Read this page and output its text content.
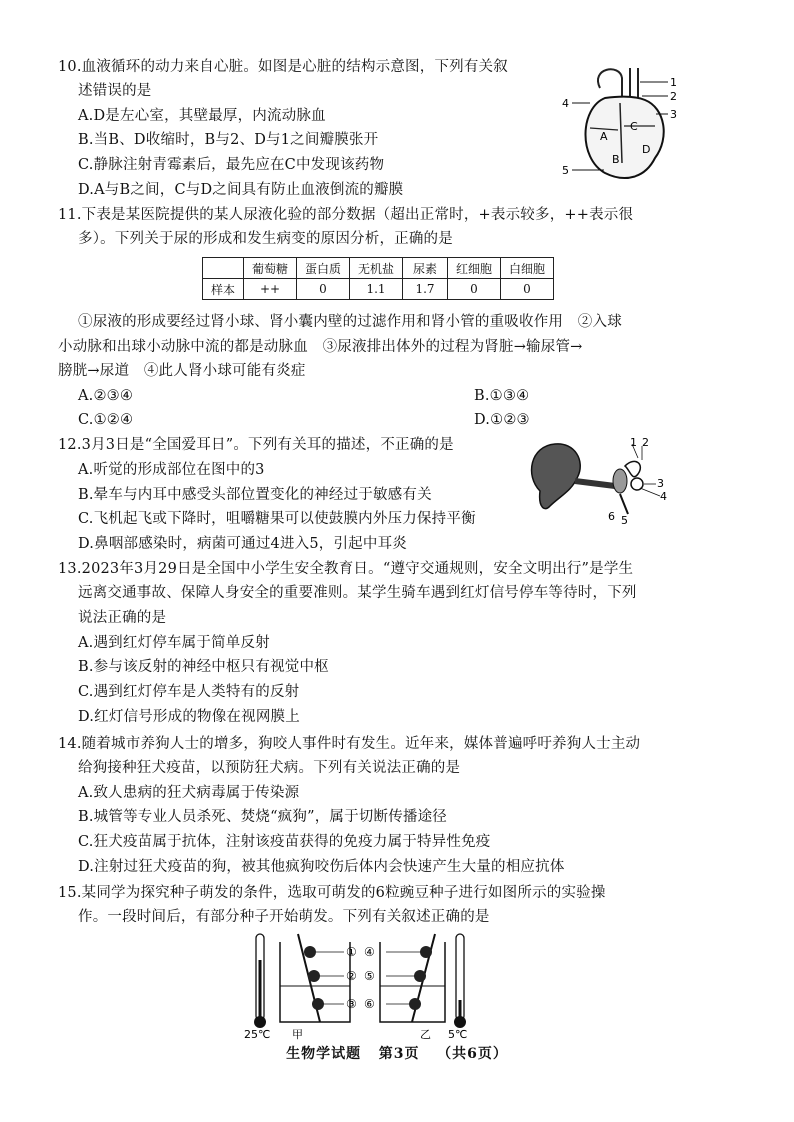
10.血液循环的动力来自心脏。如图是心脏的结构示意图，下列有关叙
述错误的是
A.D是左心室，其壁最厚，内流动脉血
B.当B、D收缩时，B与2、D与1之间瓣膜张开
C.静脉注射青霉素后，最先应在C中发现该药物
D.A与B之间，C与D之间具有防止血液倒流的瓣膜
1
2
3
4
5
A
B
C
D
11.下表是某医院提供的某人尿液化验的部分数据（超出正常时，+表示较多，++表示很
多）。下列关于尿的形成和发生病变的原因分析，正确的是
	葡萄糖	蛋白质	无机盐	尿素	红细胞	白细胞
样本	++	0	1.1	1.7	0	0
①尿液的形成要经过肾小球、肾小囊内壁的过滤作用和肾小管的重吸收作用　②入球
小动脉和出球小动脉中流的都是动脉血　③尿液排出体外的过程为肾脏→输尿管→
膀胱→尿道　④此人肾小球可能有炎症
A.②③④	B.①③④
C.①②④	D.①②③
12.3月3日是“全国爱耳日”。下列有关耳的描述，不正确的是
A.听觉的形成部位在图中的3
B.晕车与内耳中感受头部位置变化的神经过于敏感有关
C.飞机起飞或下降时，咀嚼糖果可以使鼓膜内外压力保持平衡
D.鼻咽部感染时，病菌可通过4进入5，引起中耳炎
1 2
3
4
5
6
13.2023年3月29日是全国中小学生安全教育日。“遵守交通规则，安全文明出行”是学生
远离交通事故、保障人身安全的重要准则。某学生骑车遇到红灯信号停车等待时，下列
说法正确的是
A.遇到红灯停车属于简单反射
B.参与该反射的神经中枢只有视觉中枢
C.遇到红灯停车是人类特有的反射
D.红灯信号形成的物像在视网膜上
14.随着城市养狗人士的增多，狗咬人事件时有发生。近年来，媒体普遍呼吁养狗人士主动
给狗接种狂犬疫苗，以预防狂犬病。下列有关说法正确的是
A.致人患病的狂犬病毒属于传染源
B.城管等专业人员杀死、焚烧“疯狗”，属于切断传播途径
C.狂犬疫苗属于抗体，注射该疫苗获得的免疫力属于特异性免疫
D.注射过狂犬疫苗的狗，被其他疯狗咬伤后体内会快速产生大量的相应抗体
15.某同学为探究种子萌发的条件，选取可萌发的6粒豌豆种子进行如图所示的实验操
作。一段时间后，有部分种子开始萌发。下列有关叙述正确的是
①
②
③
④
⑤
⑥
25℃ 甲	乙 5℃
生物学试题 第3页 （共6页）
